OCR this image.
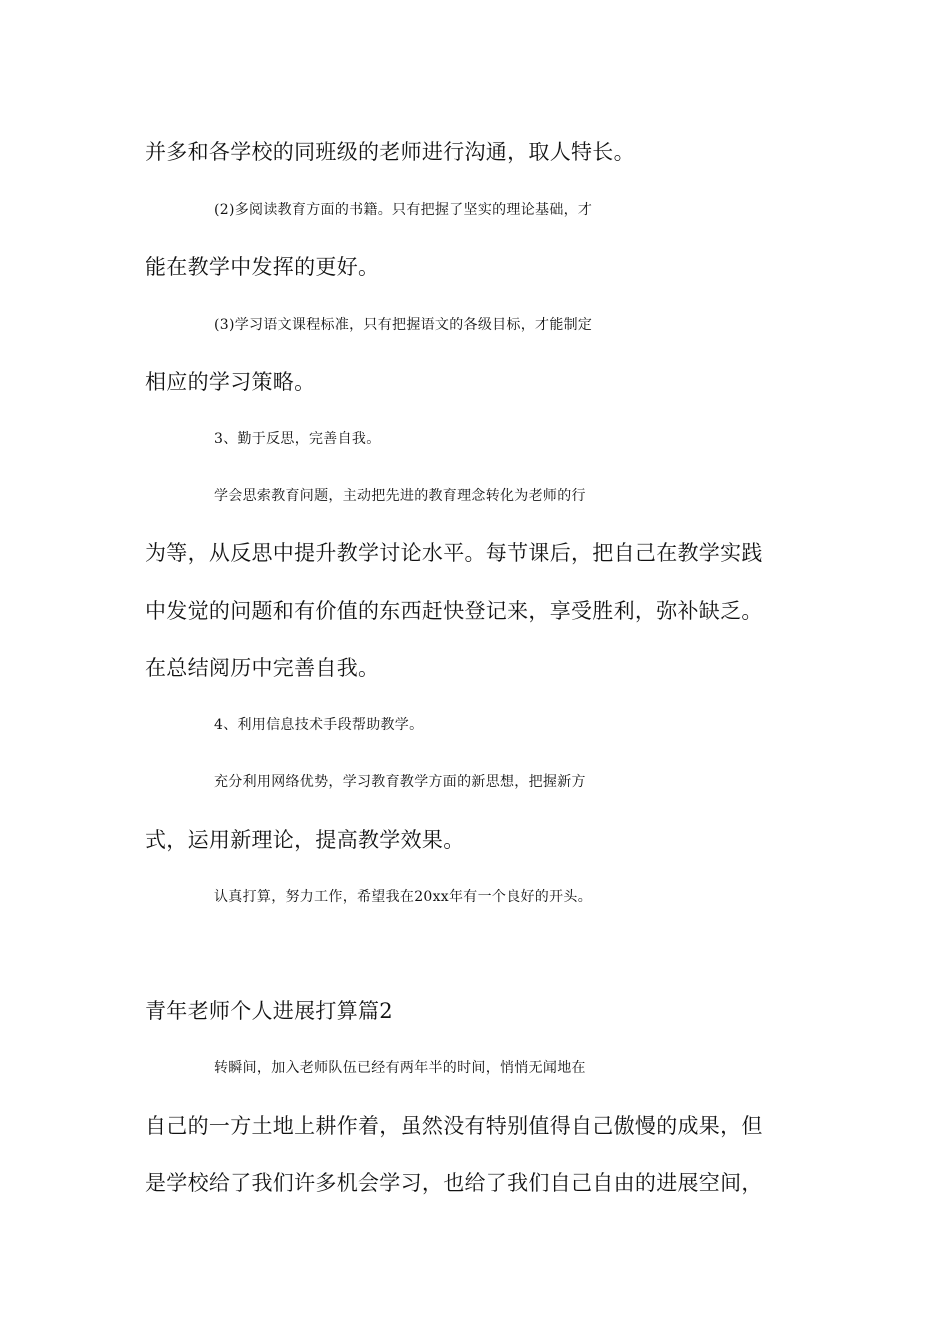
并多和各学校的同班级的老师进行沟通，取人特长。
(2)多阅读教育方面的书籍。只有把握了坚实的理论基础，才
能在教学中发挥的更好。
(3)学习语文课程标准，只有把握语文的各级目标，才能制定
相应的学习策略。
3、勤于反思，完善自我。
学会思索教育问题，主动把先进的教育理念转化为老师的行
为等，从反思中提升教学讨论水平。每节课后，把自己在教学实践
中发觉的问题和有价值的东西赶快登记来，享受胜利，弥补缺乏。
在总结阅历中完善自我。
4、利用信息技术手段帮助教学。
充分利用网络优势，学习教育教学方面的新思想，把握新方
式，运用新理论，提高教学效果。
认真打算，努力工作，希望我在20xx年有一个良好的开头。
青年老师个人进展打算篇2
转瞬间，加入老师队伍已经有两年半的时间，悄悄无闻地在
自己的一方土地上耕作着，虽然没有特别值得自己傲慢的成果，但
是学校给了我们许多机会学习，也给了我们自己自由的进展空间，
